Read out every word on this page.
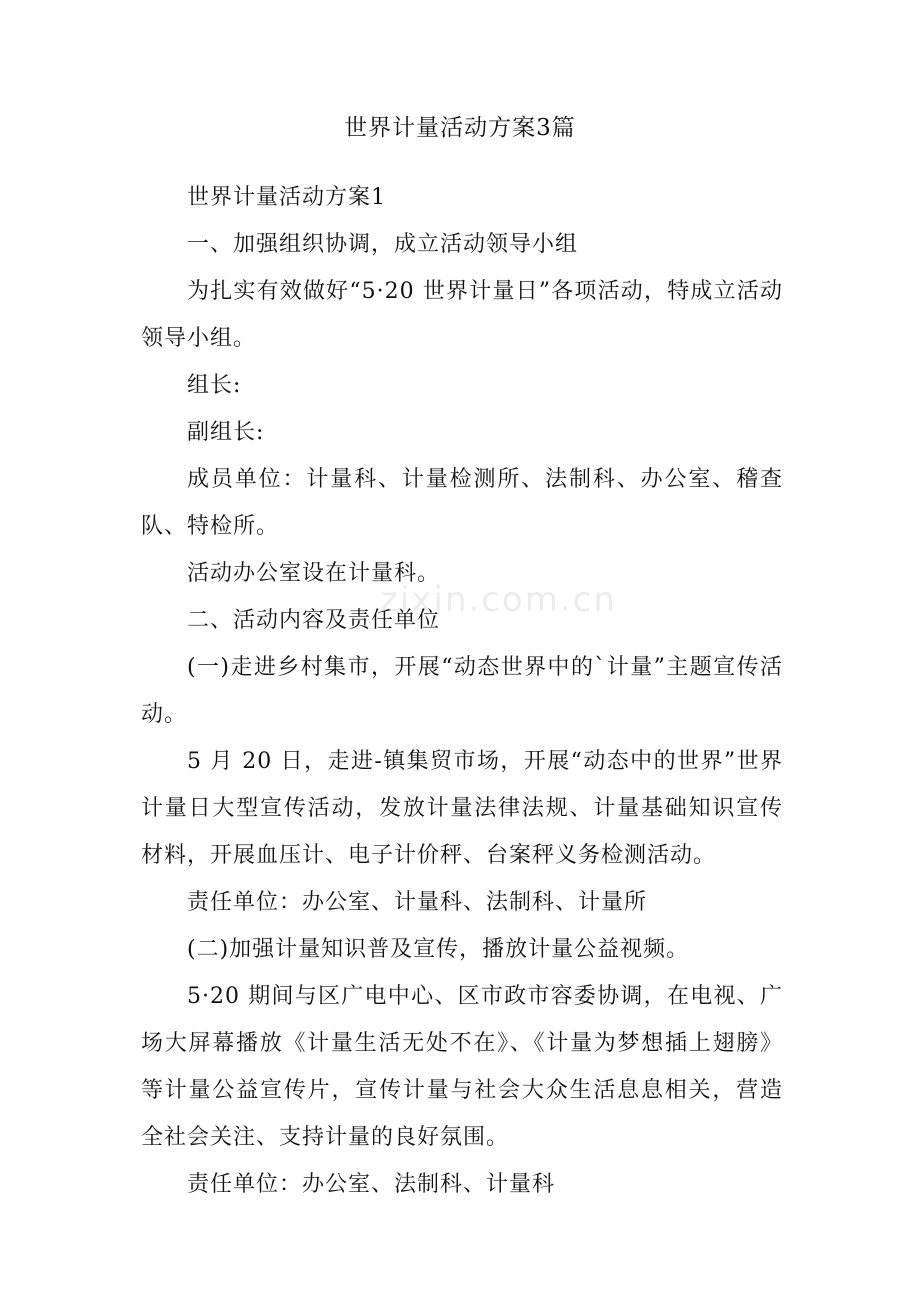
世界计量活动方案3篇

世界计量活动方案1

一、加强组织协调，成立活动领导小组

为扎实有效做好“5·20 世界计量日”各项活动，特成立活动领导小组。

组长:

副组长:

成员单位：计量科、计量检测所、法制科、办公室、稽查队、特检所。

活动办公室设在计量科。

二、活动内容及责任单位

(一)走进乡村集市，开展“动态世界中的`计量”主题宣传活动。

5 月 20 日，走进-镇集贸市场，开展“动态中的世界”世界计量日大型宣传活动，发放计量法律法规、计量基础知识宣传材料，开展血压计、电子计价秤、台案秤义务检测活动。

责任单位：办公室、计量科、法制科、计量所

(二)加强计量知识普及宣传，播放计量公益视频。

5·20 期间与区广电中心、区市政市容委协调，在电视、广场大屏幕播放《计量生活无处不在》、《计量为梦想插上翅膀》等计量公益宣传片，宣传计量与社会大众生活息息相关，营造全社会关注、支持计量的良好氛围。

责任单位：办公室、法制科、计量科

zixin.com.cn
